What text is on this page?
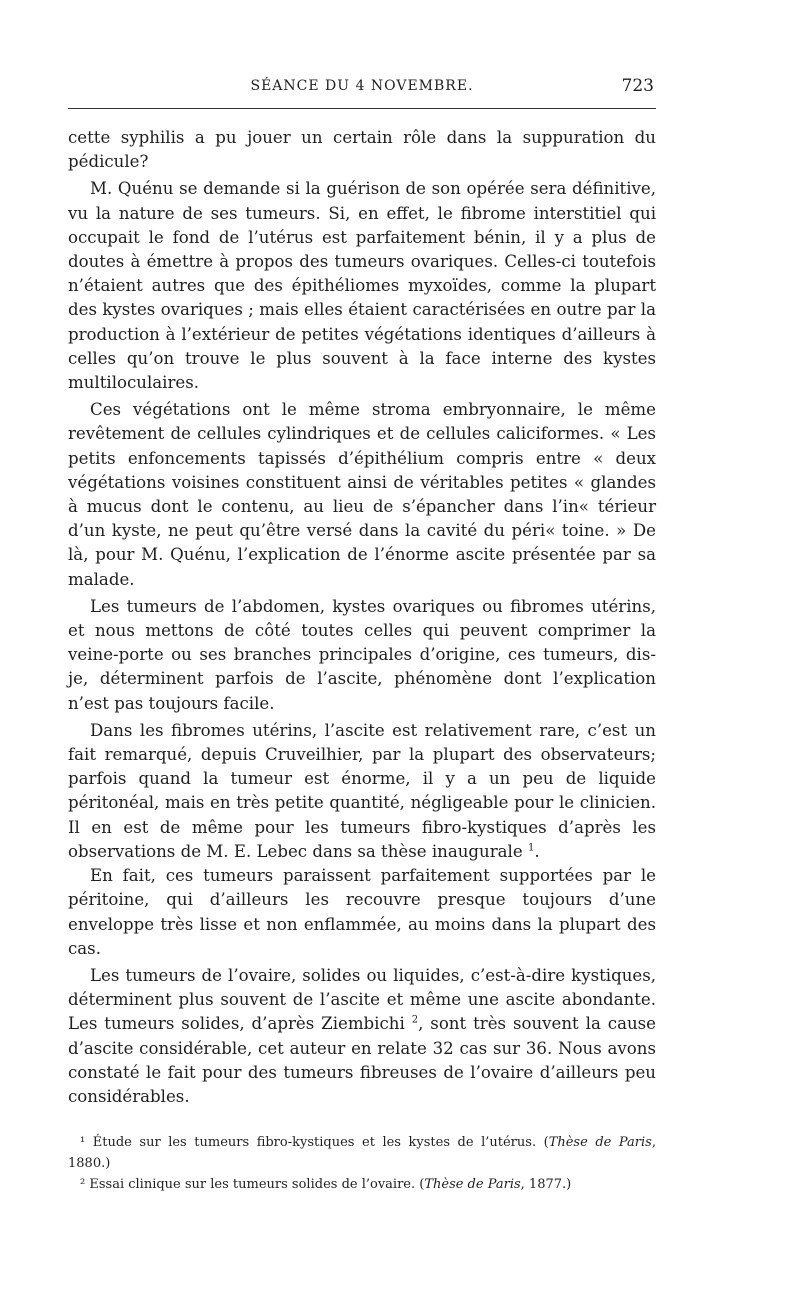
SÉANCE DU 4 NOVEMBRE.	723

cette syphilis a pu jouer un certain rôle dans la suppuration du pédicule?

M. Quénu se demande si la guérison de son opérée sera définitive, vu la nature de ses tumeurs. Si, en effet, le fibrome interstitiel qui occupait le fond de l’utérus est parfaitement bénin, il y a plus de doutes à émettre à propos des tumeurs ovariques. Celles-ci toutefois n’étaient autres que des épithéliomes myxoïdes, comme la plupart des kystes ovariques ; mais elles étaient caractérisées en outre par la production à l’extérieur de petites végétations identiques d’ailleurs à celles qu’on trouve le plus souvent à la face interne des kystes multiloculaires.

Ces végétations ont le même stroma embryonnaire, le même revêtement de cellules cylindriques et de cellules caliciformes. « Les petits enfoncements tapissés d’épithélium compris entre « deux végétations voisines constituent ainsi de véritables petites « glandes à mucus dont le contenu, au lieu de s’épancher dans l’in« térieur d’un kyste, ne peut qu’être versé dans la cavité du péri« toine. » De là, pour M. Quénu, l’explication de l’énorme ascite présentée par sa malade.

Les tumeurs de l’abdomen, kystes ovariques ou fibromes utérins, et nous mettons de côté toutes celles qui peuvent comprimer la veine-porte ou ses branches principales d’origine, ces tumeurs, dis-je, déterminent parfois de l’ascite, phénomène dont l’explication n’est pas toujours facile.

Dans les fibromes utérins, l’ascite est relativement rare, c’est un fait remarqué, depuis Cruveilhier, par la plupart des observateurs; parfois quand la tumeur est énorme, il y a un peu de liquide péritonéal, mais en très petite quantité, négligeable pour le clinicien. Il en est de même pour les tumeurs fibro-kystiques d’après les observations de M. E. Lebec dans sa thèse inaugurale $^1$.

En fait, ces tumeurs paraissent parfaitement supportées par le péritoine, qui d’ailleurs les recouvre presque toujours d’une enveloppe très lisse et non enflammée, au moins dans la plupart des cas.

Les tumeurs de l’ovaire, solides ou liquides, c’est-à-dire kystiques, déterminent plus souvent de l’ascite et même une ascite abondante. Les tumeurs solides, d’après Ziembichi $^2$, sont très souvent la cause d’ascite considérable, cet auteur en relate 32 cas sur 36. Nous avons constaté le fait pour des tumeurs fibreuses de l’ovaire d’ailleurs peu considérables.

¹ Étude sur les tumeurs fibro-kystiques et les kystes de l’utérus. (Thèse de Paris, 1880.)

² Essai clinique sur les tumeurs solides de l’ovaire. (Thèse de Paris, 1877.)
